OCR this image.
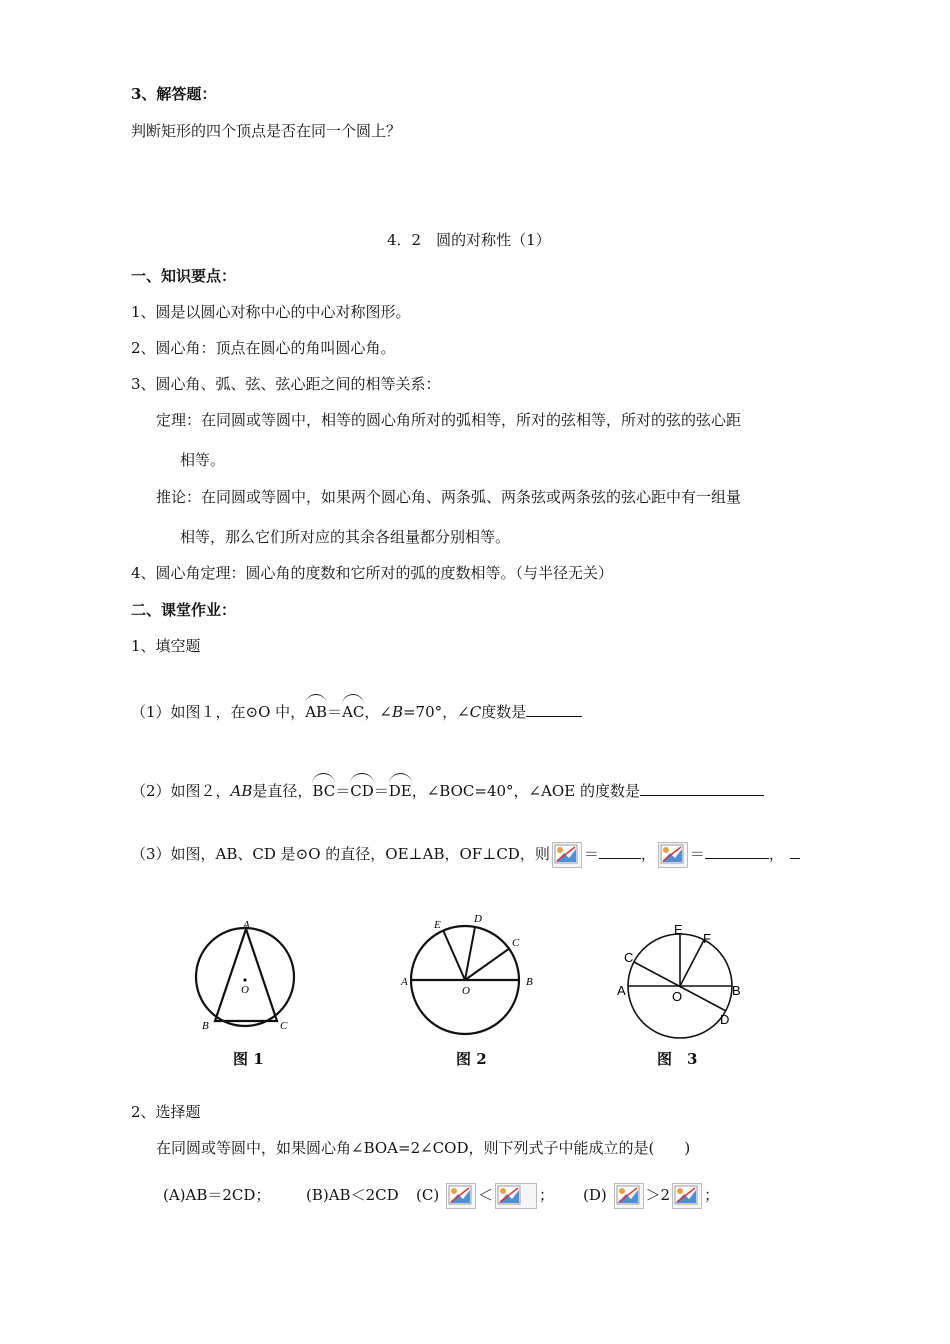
3、解答题：
判断矩形的四个顶点是否在同一个圆上？
4．2　圆的对称性（1）
一、知识要点：
1、圆是以圆心对称中心的中心对称图形。
2、圆心角：顶点在圆心的角叫圆心角。
3、圆心角、弧、弦、弦心距之间的相等关系：
定理：在同圆或等圆中，相等的圆心角所对的弧相等，所对的弦相等，所对的弦的弦心距
相等。
推论：在同圆或等圆中，如果两个圆心角、两条弧、两条弦或两条弦的弦心距中有一组量
相等，那么它们所对应的其余各组量都分别相等。
4、圆心角定理：圆心角的度数和它所对的弧的度数相等。（与半径无关）
二、课堂作业：
1、填空题
（1）如图１，在⊙O 中，AB＝AC，∠B=70°，∠C度数是
（2）如图２，AB是直径，BC＝CD＝DE，∠BOC=40°，∠AOE 的度数是
（3）如图，AB、CD 是⊙O 的直径，OE⊥AB，OF⊥CD，则 ＝	， ＝	，
A
B	C
O
图 1
E	D
C
A	B
O
图 2
E
F
C
A	B
O
D
图　3
2、选择题
在同圆或等圆中，如果圆心角∠BOA=2∠COD，则下列式子中能成立的是(　　)
(A)AB＝2CD； (B)AB＜2CD (C)	＜	； (D)	＞2 ；
